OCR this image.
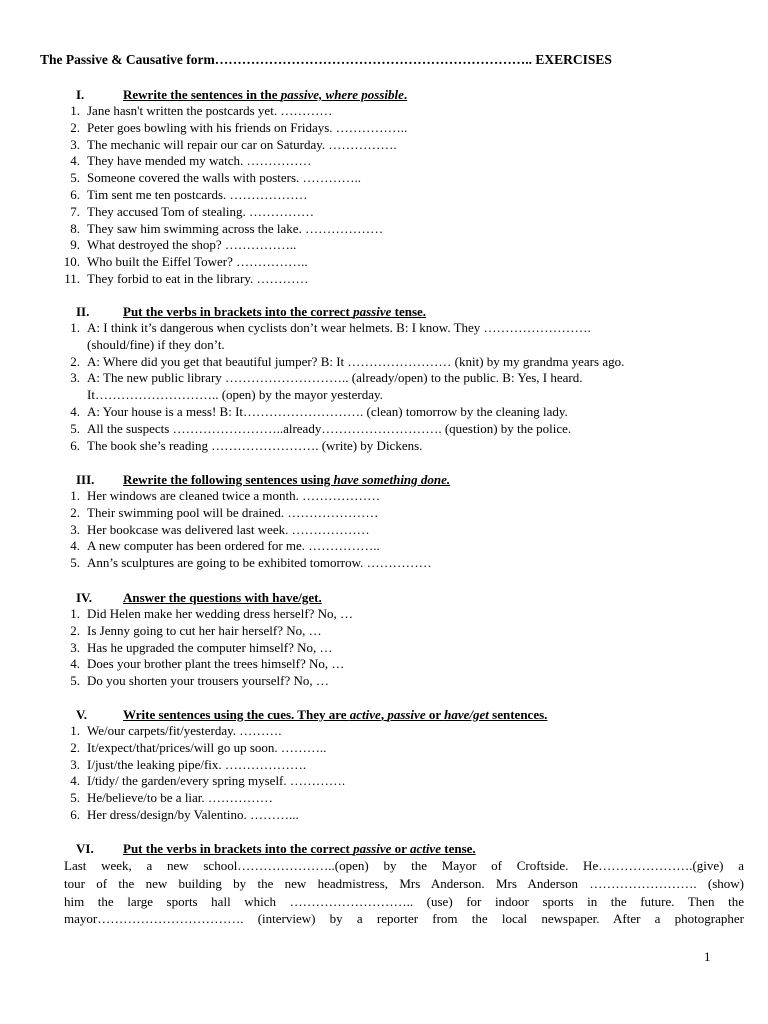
The Passive & Causative form…………………………………………………………….. EXERCISES
I.	Rewrite the sentences in the passive, where possible.
1. Jane hasn't written the postcards yet. …………
2. Peter goes bowling with his friends on Fridays. ……………..
3. The mechanic will repair our car on Saturday. …………….
4. They have mended my watch. ……………
5. Someone covered the walls with posters. …………..
6. Tim sent me ten postcards. ………………
7. They accused Tom of stealing. ……………
8. They saw him swimming across the lake. ………………
9. What destroyed the shop? ……………..
10. Who built the Eiffel Tower? ……………..
11. They forbid to eat in the library. …………
II.	Put the verbs in brackets into the correct passive tense.
1. A: I think it’s dangerous when cyclists don’t wear helmets. B: I know. They …………………….
(should/fine) if they don’t.
2. A: Where did you get that beautiful jumper? B: It …………………… (knit) by my grandma years ago.
3. A: The new public library ……………………….. (already/open) to the public. B: Yes, I heard.
It……………………….. (open) by the mayor yesterday.
4. A: Your house is a mess! B: It………………………. (clean) tomorrow by the cleaning lady.
5. All the suspects ……………………..already………………………. (question) by the police.
6. The book she’s reading ……………………. (write) by Dickens.
III. Rewrite the following sentences using have something done.
1. Her windows are cleaned twice a month. ………………
2. Their swimming pool will be drained. …………………
3. Her bookcase was delivered last week. ………………
4. A new computer has been ordered for me. ……………..
5. Ann’s sculptures are going to be exhibited tomorrow. ……………
IV. Answer the questions with have/get.
1. Did Helen make her wedding dress herself? No, …
2. Is Jenny going to cut her hair herself? No, …
3. Has he upgraded the computer himself? No, …
4. Does your brother plant the trees himself? No, …
5. Do you shorten your trousers yourself? No, …
V.	Write sentences using the cues. They are active, passive or have/get sentences.
1. We/our carpets/fit/yesterday. ……….
2. It/expect/that/prices/will go up soon. ………..
3. I/just/the leaking pipe/fix. ……………….
4. I/tidy/ the garden/every spring myself. ………….
5. He/believe/to be a liar. ……………
6. Her dress/design/by Valentino. ………...
VI. Put the verbs in brackets into the correct passive or active tense.
Last week, a new school…………………..(open) by the Mayor of Croftside. He………………….(give) a
tour of the new building by the new headmistress, Mrs Anderson. Mrs Anderson ……………………. (show)
him the large sports hall which ……………………….. (use) for indoor sports in the future. Then the
mayor……………………………. (interview) by a reporter from the local newspaper. After a photographer
1
